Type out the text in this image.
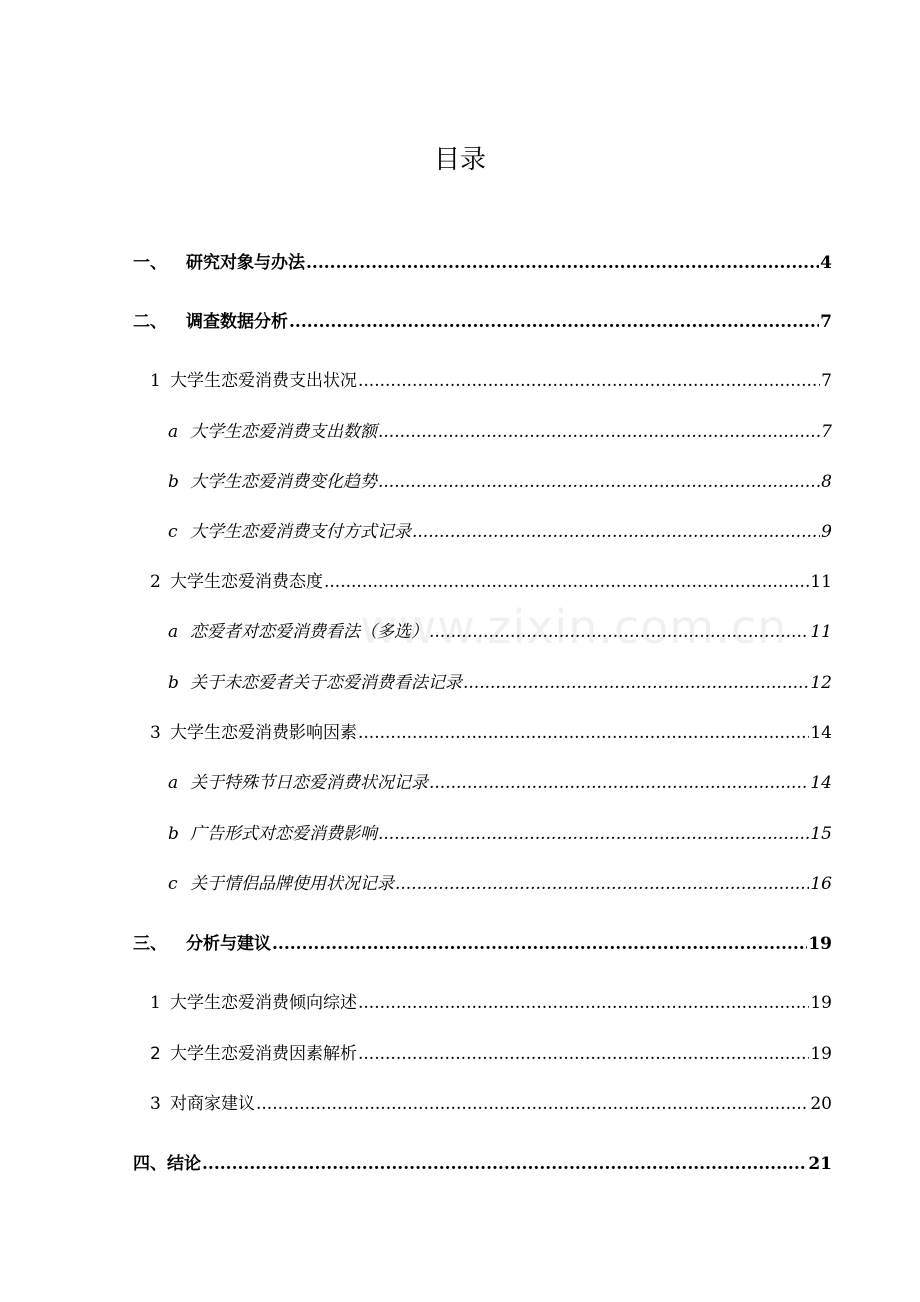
目录
www.zixin.com.cn
一、	研究对象与办法 .....	4
二、	调查数据分析 .....	7
1 大学生恋爱消费支出状况 .....	7
a 大学生恋爱消费支出数额 .....	7
b 大学生恋爱消费变化趋势 .....	8
c 大学生恋爱消费支付方式记录 .....	9
2 大学生恋爱消费态度 .....	11
a 恋爱者对恋爱消费看法（多选） .....	11
b 关于未恋爱者关于恋爱消费看法记录 .....	12
3 大学生恋爱消费影响因素 .....	14
a 关于特殊节日恋爱消费状况记录 .....	14
b 广告形式对恋爱消费影响 .....	15
c 关于情侣品牌使用状况记录 .....	16
三、	分析与建议 .....	19
1 大学生恋爱消费倾向综述 .....	19
2 大学生恋爱消费因素解析 .....	19
3 对商家建议 .....	20
四、 结论 .....	21
